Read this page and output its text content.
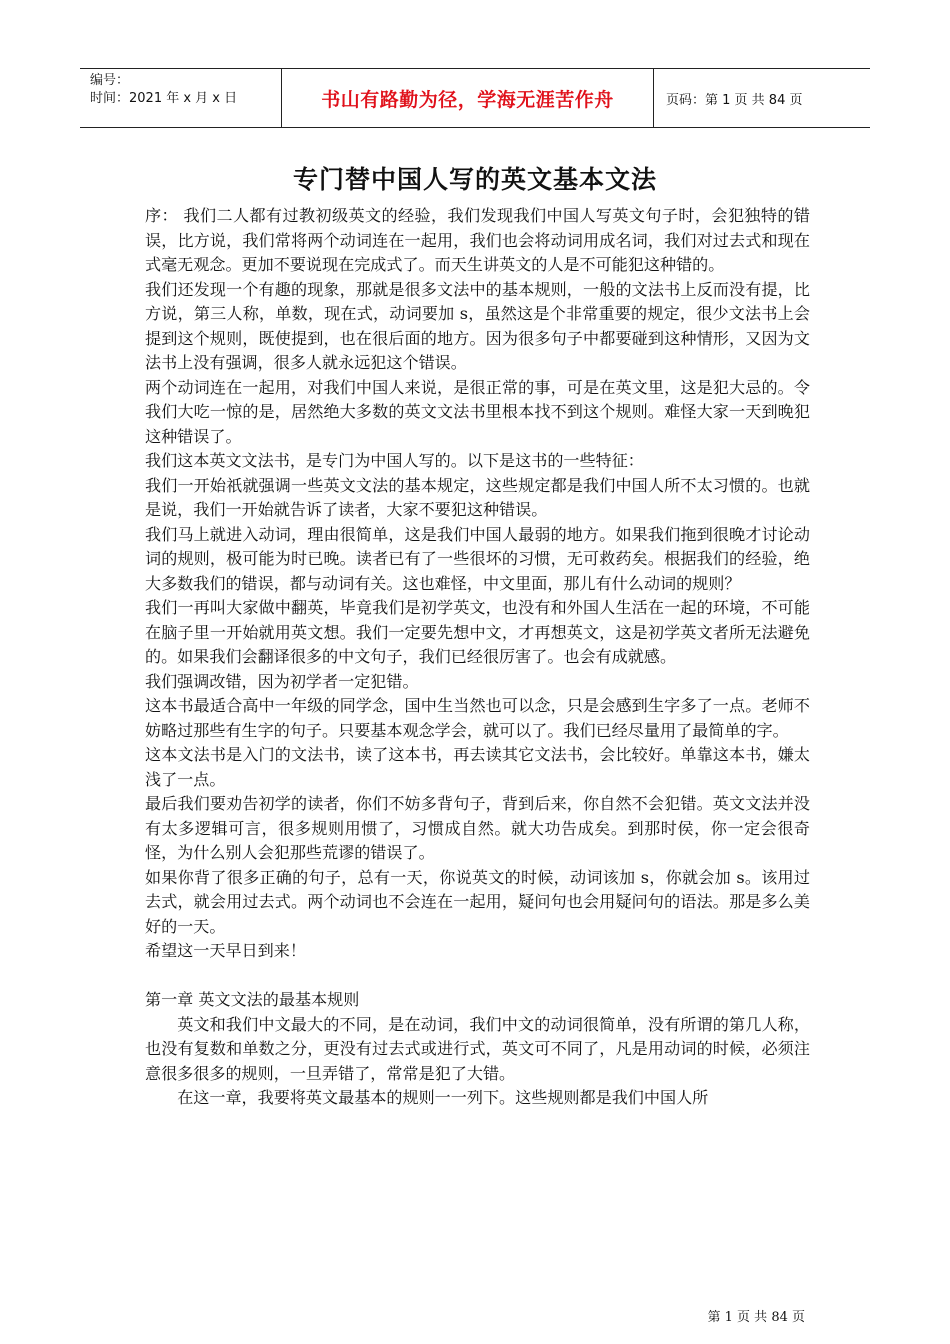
编号：
时间：2021 年 x 月 x 日	书山有路勤为径，学海无涯苦作舟	页码：第 1 页 共 84 页
专门替中国人写的英文基本文法

序： 我们二人都有过教初级英文的经验，我们发现我们中国人写英文句子时，会犯独特的错误，比方说，我们常将两个动词连在一起用，我们也会将动词用成名词，我们对过去式和现在式毫无观念。更加不要说现在完成式了。而天生讲英文的人是不可能犯这种错的。

我们还发现一个有趣的现象，那就是很多文法中的基本规则，一般的文法书上反而没有提，比方说，第三人称，单数，现在式，动词要加 s，虽然这是个非常重要的规定，很少文法书上会提到这个规则，既使提到，也在很后面的地方。因为很多句子中都要碰到这种情形，又因为文法书上没有强调，很多人就永远犯这个错误。

两个动词连在一起用，对我们中国人来说，是很正常的事，可是在英文里，这是犯大忌的。令我们大吃一惊的是，居然绝大多数的英文文法书里根本找不到这个规则。难怪大家一天到晚犯这种错误了。

我们这本英文文法书，是专门为中国人写的。以下是这书的一些特征：

我们一开始祇就强调一些英文文法的基本规定，这些规定都是我们中国人所不太习惯的。也就是说，我们一开始就告诉了读者，大家不要犯这种错误。

我们马上就进入动词，理由很简单，这是我们中国人最弱的地方。如果我们拖到很晚才讨论动词的规则，极可能为时已晚。读者已有了一些很坏的习惯，无可救药矣。根据我们的经验，绝大多数我们的错误，都与动词有关。这也难怪，中文里面，那儿有什么动词的规则？

我们一再叫大家做中翻英，毕竟我们是初学英文，也没有和外国人生活在一起的环境，不可能在脑子里一开始就用英文想。我们一定要先想中文，才再想英文，这是初学英文者所无法避免的。如果我们会翻译很多的中文句子，我们已经很厉害了。也会有成就感。

我们强调改错，因为初学者一定犯错。

这本书最适合高中一年级的同学念，国中生当然也可以念，只是会感到生字多了一点。老师不妨略过那些有生字的句子。只要基本观念学会，就可以了。我们已经尽量用了最简单的字。

这本文法书是入门的文法书，读了这本书，再去读其它文法书，会比较好。单靠这本书，嫌太浅了一点。

最后我们要劝告初学的读者，你们不妨多背句子，背到后来，你自然不会犯错。英文文法并没有太多逻辑可言，很多规则用惯了，习惯成自然。就大功告成矣。到那时侯，你一定会很奇怪，为什么别人会犯那些荒谬的错误了。

如果你背了很多正确的句子，总有一天，你说英文的时候，动词该加 s，你就会加 s。该用过去式，就会用过去式。两个动词也不会连在一起用，疑问句也会用疑问句的语法。那是多么美好的一天。

希望这一天早日到来！

第一章 英文文法的最基本规则

英文和我们中文最大的不同，是在动词，我们中文的动词很简单，没有所谓的第几人称，也没有复数和单数之分，更没有过去式或进行式，英文可不同了，凡是用动词的时候，必须注意很多很多的规则，一旦弄错了，常常是犯了大错。

在这一章，我要将英文最基本的规则一一列下。这些规则都是我们中国人所

第 1 页 共 84 页
